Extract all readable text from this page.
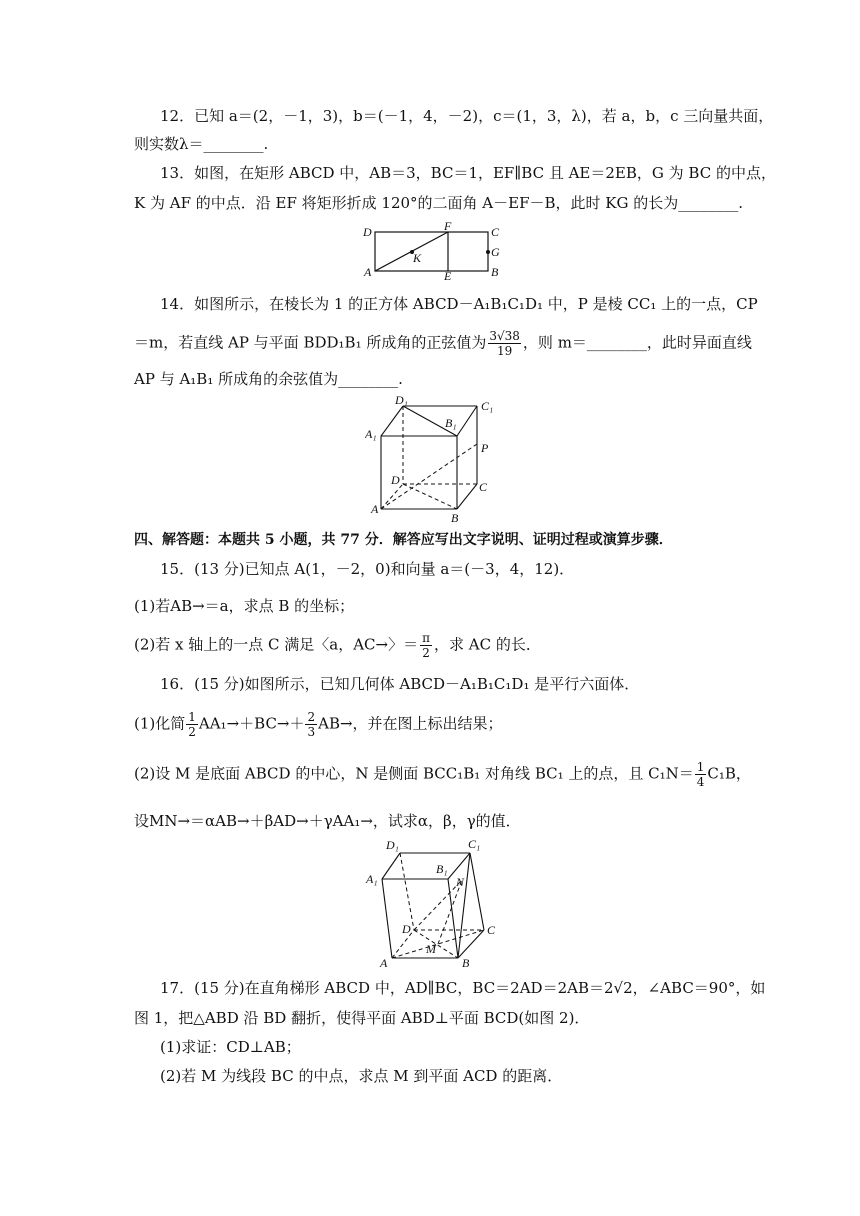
12．已知 a＝(2，－1，3)，b＝(－1，4，－2)，c＝(1，3，λ)，若 a，b，c 三向量共面，
则实数λ＝________.
13．如图，在矩形 ABCD 中，AB＝3，BC＝1，EF∥BC 且 AE＝2EB，G 为 BC 的中点，
K 为 AF 的中点．沿 EF 将矩形折成 120°的二面角 A－EF－B，此时 KG 的长为________.
D	F	C
G
K
A	E	B
14．如图所示，在棱长为 1 的正方体 ABCD－A₁B₁C₁D₁ 中，P 是棱 CC₁ 上的一点，CP
＝m，若直线 AP 与平面 BDD₁B₁ 所成角的正弦值为 $\frac{3√38}{19}$ ，则 m＝________，此时异面直线
AP 与 A₁B₁ 所成角的余弦值为________.
D₁	C₁
B₁
A₁
P
D	C
A
B
四、解答题：本题共 5 小题，共 77 分．解答应写出文字说明、证明过程或演算步骤．
15．(13 分)已知点 A(1，－2，0)和向量 a＝(－3，4，12)．
(1)若AB→＝a，求点 B 的坐标；
(2)若 x 轴上的一点 C 满足〈a，AC→〉＝ $\frac{\pi}{2}$ ，求 AC 的长．
16．(15 分)如图所示，已知几何体 ABCD－A₁B₁C₁D₁ 是平行六面体．
(1)化简 $\frac{1}{2} AA_1\to+BC\to+ \frac{2}{3} AB\to$，并在图上标出结果；
(2)设 M 是底面 ABCD 的中心，N 是侧面 BCC₁B₁ 对角线 BC₁ 上的点，且 $C_1N= \frac{1}{4} C_1B$，
设MN→＝αAB→＋βAD→＋γAA₁→，试求α，β，γ的值．
D₁	C₁
B₁
A₁	N
D	C
M
A	B
17．(15 分)在直角梯形 ABCD 中，AD∥BC，BC＝2AD＝2AB＝2√2，∠ABC＝90°，如
图 1，把△ABD 沿 BD 翻折，使得平面 ABD⊥平面 BCD(如图 2)．
(1)求证：CD⊥AB；
(2)若 M 为线段 BC 的中点，求点 M 到平面 ACD 的距离．
